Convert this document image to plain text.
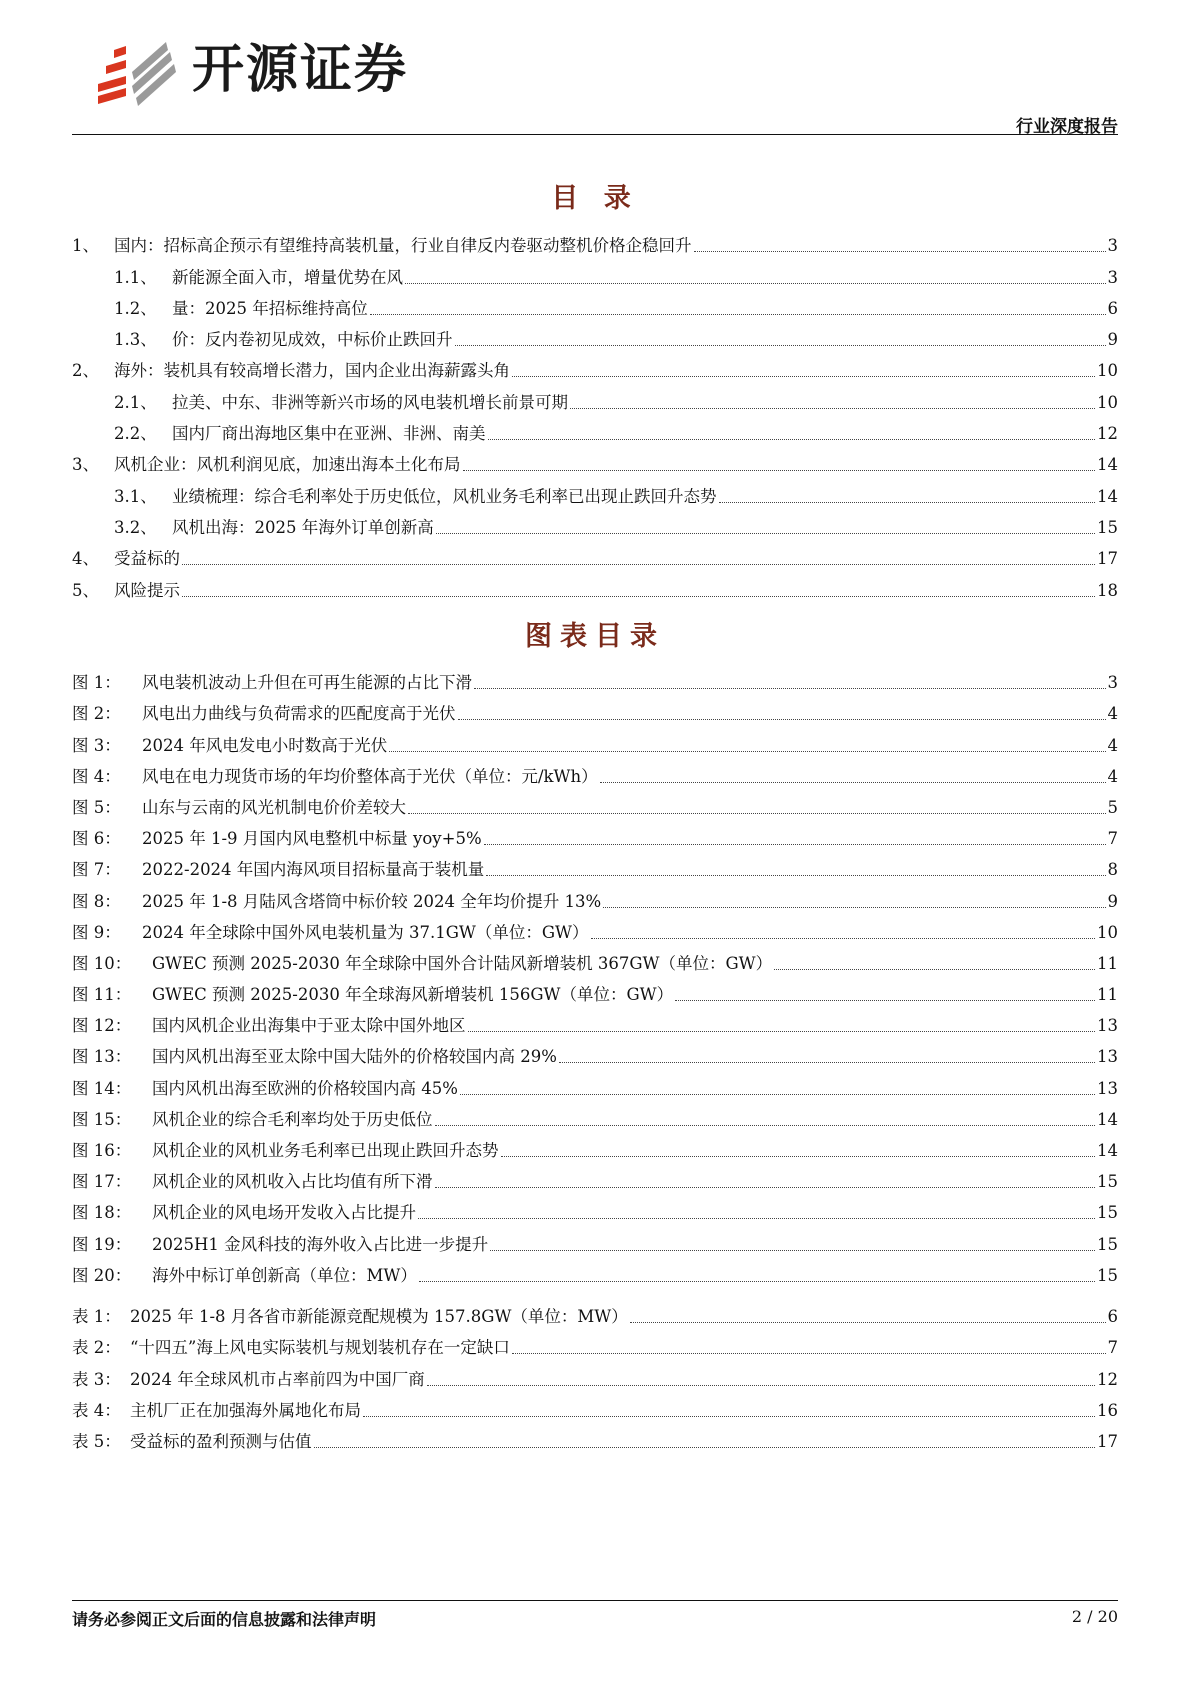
开源证券
行业深度报告
目 录
1、 国内：招标高企预示有望维持高装机量，行业自律反内卷驱动整机价格企稳回升	3
1.1、 新能源全面入市，增量优势在风	3
1.2、 量：2025 年招标维持高位	6
1.3、 价：反内卷初见成效，中标价止跌回升	9
2、 海外：装机具有较高增长潜力，国内企业出海薪露头角	10
2.1、 拉美、中东、非洲等新兴市场的风电装机增长前景可期	10
2.2、 国内厂商出海地区集中在亚洲、非洲、南美	12
3、 风机企业：风机利润见底，加速出海本土化布局	14
3.1、 业绩梳理：综合毛利率处于历史低位，风机业务毛利率已出现止跌回升态势	14
3.2、 风机出海：2025 年海外订单创新高	15
4、 受益标的	17
5、 风险提示	18
图表目录
图 1：	风电装机波动上升但在可再生能源的占比下滑	3
图 2：	风电出力曲线与负荷需求的匹配度高于光伏	4
图 3：	2024 年风电发电小时数高于光伏	4
图 4：	风电在电力现货市场的年均价整体高于光伏（单位：元/kWh）	4
图 5：	山东与云南的风光机制电价价差较大	5
图 6：	2025 年 1-9 月国内风电整机中标量 yoy+5%	7
图 7：	2022-2024 年国内海风项目招标量高于装机量	8
图 8：	2025 年 1-8 月陆风含塔筒中标价较 2024 全年均价提升 13%	9
图 9：	2024 年全球除中国外风电装机量为 37.1GW（单位：GW）	10
图 10：	GWEC 预测 2025-2030 年全球除中国外合计陆风新增装机 367GW（单位：GW）	11
图 11：	GWEC 预测 2025-2030 年全球海风新增装机 156GW（单位：GW）	11
图 12：	国内风机企业出海集中于亚太除中国外地区	13
图 13：	国内风机出海至亚太除中国大陆外的价格较国内高 29%	13
图 14：	国内风机出海至欧洲的价格较国内高 45%	13
图 15：	风机企业的综合毛利率均处于历史低位	14
图 16：	风机企业的风机业务毛利率已出现止跌回升态势	14
图 17：	风机企业的风机收入占比均值有所下滑	15
图 18：	风机企业的风电场开发收入占比提升	15
图 19：	2025H1 金风科技的海外收入占比进一步提升	15
图 20：	海外中标订单创新高（单位：MW）	15
表 1： 2025 年 1-8 月各省市新能源竞配规模为 157.8GW（单位：MW）	6
表 2： “十四五”海上风电实际装机与规划装机存在一定缺口	7
表 3： 2024 年全球风机市占率前四为中国厂商	12
表 4： 主机厂正在加强海外属地化布局	16
表 5： 受益标的盈利预测与估值	17
请务必参阅正文后面的信息披露和法律声明	2 / 20
